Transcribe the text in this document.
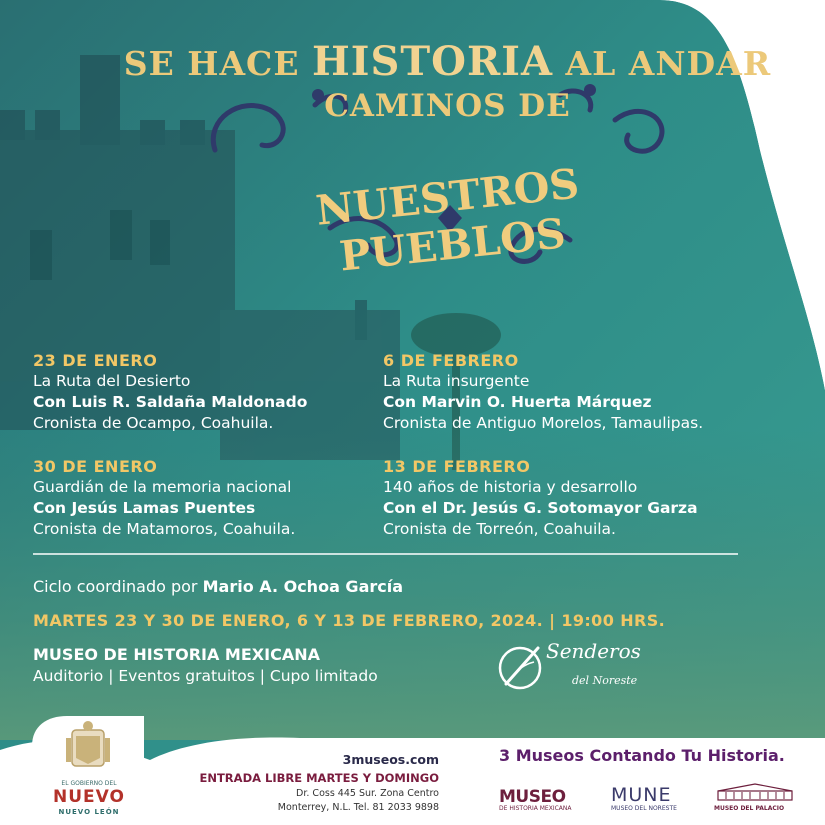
SE HACE HISTORIA AL ANDAR
CAMINOS DE
NUESTROS PUEBLOS
23 DE ENERO
La Ruta del Desierto
Con Luis R. Saldaña Maldonado
Cronista de Ocampo, Coahuila.
6 DE FEBRERO
La Ruta insurgente
Con Marvin O. Huerta Márquez
Cronista de Antiguo Morelos, Tamaulipas.
30 DE ENERO
Guardián de la memoria nacional
Con Jesús Lamas Puentes
Cronista de Matamoros, Coahuila.
13 DE FEBRERO
140 años de historia y desarrollo
Con el Dr. Jesús G. Sotomayor Garza
Cronista de Torreón, Coahuila.
Ciclo coordinado por Mario A. Ochoa García
MARTES 23 Y 30 DE ENERO, 6 Y 13 DE FEBRERO, 2024. | 19:00 HRS.
MUSEO DE HISTORIA MEXICANA
Auditorio | Eventos gratuitos | Cupo limitado
Senderos
del Noreste
EL GOBIERNO DEL
NUEVO
NUEVO LEÓN
3museos.com
ENTRADA LIBRE MARTES Y DOMINGO
Dr. Coss 445 Sur. Zona Centro
Monterrey, N.L. Tel. 81 2033 9898
3 Museos Contando Tu Historia.
MUSEO
DE HISTORIA MEXICANA
MUNE
MUSEO DEL NORESTE	MUSEO DEL PALACIO
